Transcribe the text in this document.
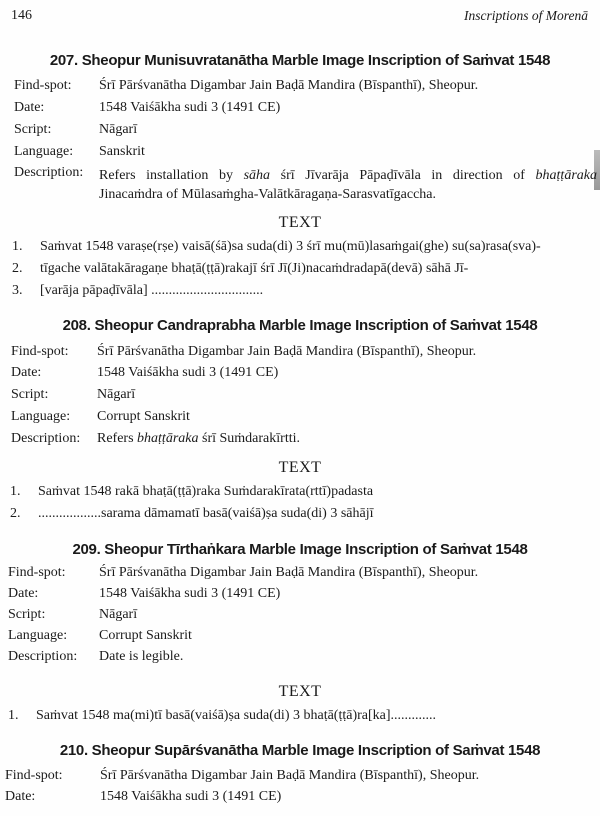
146	Inscriptions of Morenā
207. Sheopur Munisuvratanātha Marble Image Inscription of Saṁvat 1548
Find-spot: Śrī Pārśvanātha Digambar Jain Baḍā Mandira (Bīspanthī), Sheopur.
Date:	1548 Vaiśākha sudi 3 (1491 CE)
Script:	Nāgarī
Language: Sanskrit
Description: Refers installation by sāha śrī Jīvarāja Pāpaḍīvāla in direction of bhaṭṭāraka
Jinacaṁdra of Mūlasaṁgha-Valātkāragaṇa-Sarasvatīgaccha.
TEXT
1. Saṁvat 1548 varaṣe(rṣe) vaisā(śā)sa suda(di) 3 śrī mu(mū)lasaṁgai(ghe) su(sa)rasa(sva)-
2. tīgache valātakāragaṇe bhaṭā(ṭṭā)rakajī śrī Jī(Ji)nacaṁdradapā(devā) sāhā Jī-
3. [varāja pāpaḍīvāla] ................................
208. Sheopur Candraprabha Marble Image Inscription of Saṁvat 1548
Find-spot: Śrī Pārśvanātha Digambar Jain Baḍā Mandira (Bīspanthī), Sheopur.
Date:	1548 Vaiśākha sudi 3 (1491 CE)
Script:	Nāgarī
Language: Corrupt Sanskrit
Description: Refers bhaṭṭāraka śrī Suṁdarakīrtti.
TEXT
1. Saṁvat 1548 rakā bhaṭā(ṭṭā)raka Suṁdarakīrata(rttī)padasta
2. ..................sarama dāmamatī basā(vaiśā)ṣa suda(di) 3 sāhājī
209. Sheopur Tīrthaṅkara Marble Image Inscription of Saṁvat 1548
Find-spot: Śrī Pārśvanātha Digambar Jain Baḍā Mandira (Bīspanthī), Sheopur.
Date:	1548 Vaiśākha sudi 3 (1491 CE)
Script:	Nāgarī
Language: Corrupt Sanskrit
Description: Date is legible.
TEXT
1. Saṁvat 1548 ma(mi)tī basā(vaiśā)ṣa suda(di) 3 bhaṭā(ṭṭā)ra[ka].............
210. Sheopur Supārśvanātha Marble Image Inscription of Saṁvat 1548
Find-spot:	Śrī Pārśvanātha Digambar Jain Baḍā Mandira (Bīspanthī), Sheopur.
Date:	1548 Vaiśākha sudi 3 (1491 CE)
